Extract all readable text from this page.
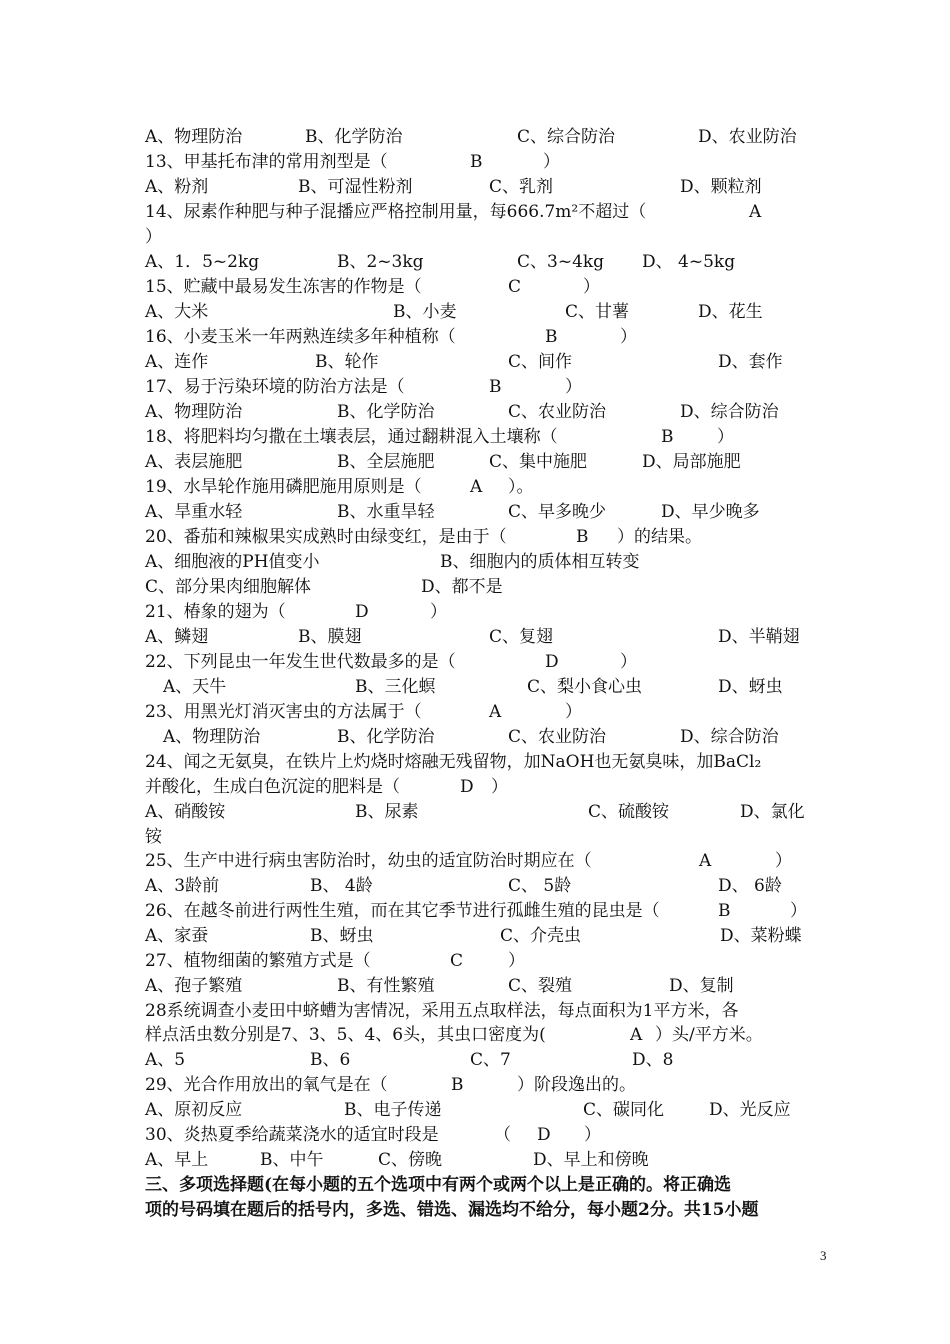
A、物理防治	B、化学防治	C、综合防治	D、农业防治
13、甲基托布津的常用剂型是（	B	）
A、粉剂	B、可湿性粉剂	C、乳剂	D、颗粒剂
14、尿素作种肥与种子混播应严格控制用量，每666.7m²不超过（	A
）
A、1．5~2kg	B、2~3kg	C、3~4kg D、 4~5kg
15、贮藏中最易发生冻害的作物是（	C	）
A、大米	B、小麦	C、甘薯	D、花生
16、小麦玉米一年两熟连续多年种植称（	B	）
A、连作	B、轮作	C、间作	D、套作
17、易于污染环境的防治方法是（	B	）
A、物理防治	B、化学防治	C、农业防治	D、综合防治
18、将肥料均匀撒在土壤表层，通过翻耕混入土壤称（	B	）
A、表层施肥	B、全层施肥	C、集中施肥	D、局部施肥
19、水旱轮作施用磷肥施用原则是（	A ）。
A、旱重水轻	B、水重旱轻	C、早多晚少	D、早少晚多
20、番茄和辣椒果实成熟时由绿变红，是由于（	B ）的结果。
A、细胞液的PH值变小	B、细胞内的质体相互转变
C、部分果肉细胞解体	D、都不是
21、椿象的翅为（	D	）
A、鳞翅	B、膜翅	C、复翅	D、半鞘翅
22、下列昆虫一年发生世代数最多的是（	D	）
A、天牛	B、三化螟	C、梨小食心虫	D、蚜虫
23、用黑光灯消灭害虫的方法属于（	A	）
A、物理防治	B、化学防治	C、农业防治	D、综合防治
24、闻之无氨臭，在铁片上灼烧时熔融无残留物，加NaOH也无氨臭味，加BaCl₂
并酸化，生成白色沉淀的肥料是（	D ）
A、硝酸铵	B、尿素	C、硫酸铵	D、氯化
铵
25、生产中进行病虫害防治时，幼虫的适宜防治时期应在（	A	）
A、3龄前	B、 4龄	C、 5龄	D、 6龄
26、在越冬前进行两性生殖，而在其它季节进行孤雌生殖的昆虫是（	B	）
A、家蚕	B、蚜虫	C、介壳虫	D、菜粉蝶
27、植物细菌的繁殖方式是（	C	）
A、孢子繁殖	B、有性繁殖	C、裂殖	D、复制
28系统调查小麦田中蛴螬为害情况，采用五点取样法，每点面积为1平方米，各
样点活虫数分别是7、3、5、4、6头，其虫口密度为(	A ）头/平方米。
A、5	B、6	C、7	D、8
29、光合作用放出的氧气是在（	B	）阶段逸出的。
A、原初反应	B、电子传递	C、碳同化	D、光反应
30、炎热夏季给蔬菜浇水的适宜时段是	（ D ）
A、早上	B、中午	C、傍晚	D、早上和傍晚
三、多项选择题(在每小题的五个选项中有两个或两个以上是正确的。将正确选
项的号码填在题后的括号内，多选、错选、漏选均不给分，每小题2分。共15小题
3
